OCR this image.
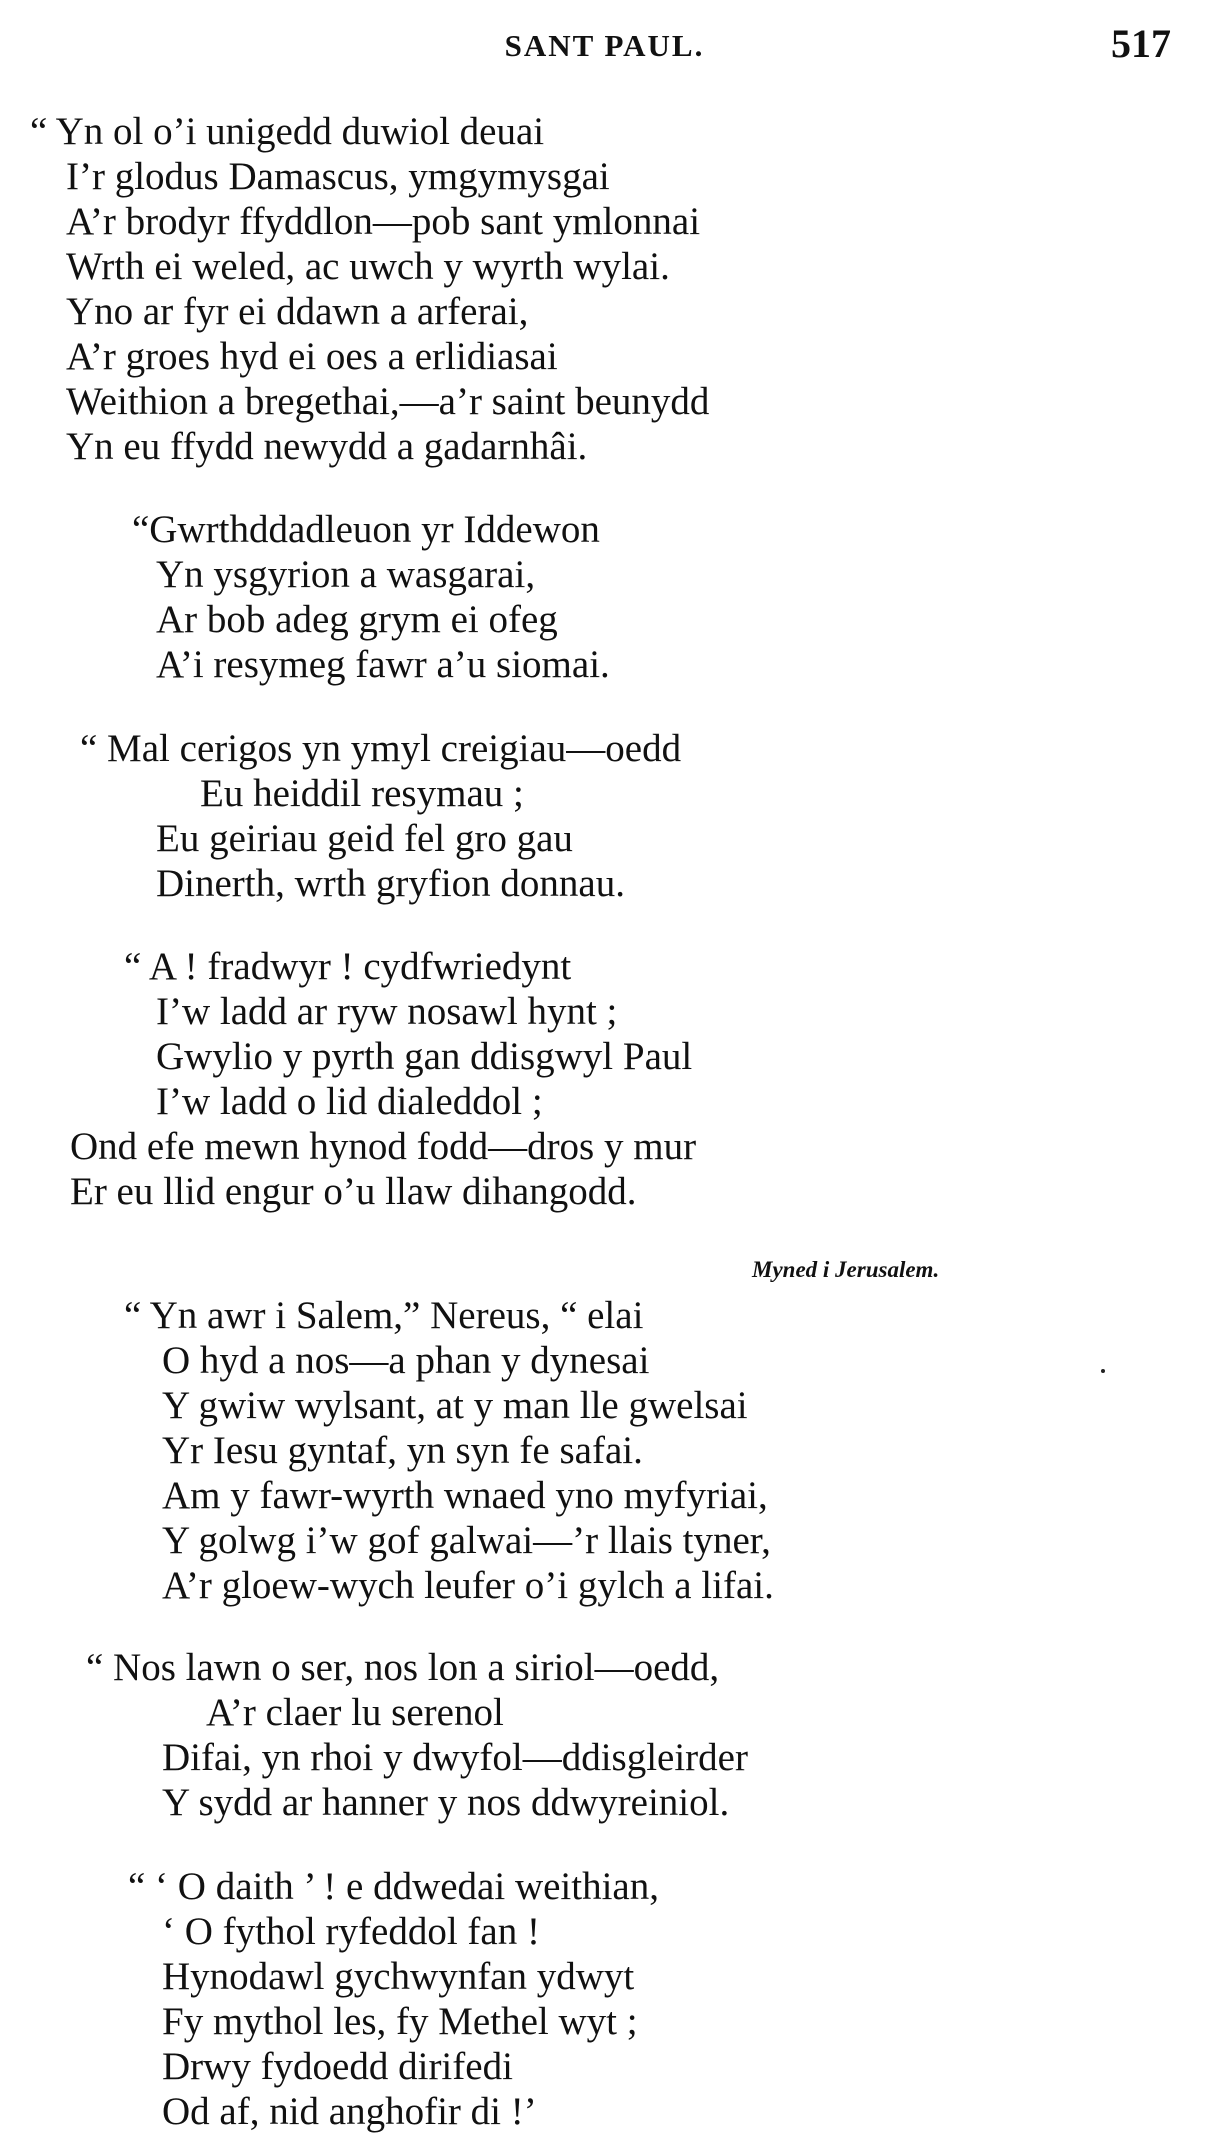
SANT PAUL.	517
“ Yn ol o’i unigedd duwiol deuai
I’r glodus Damascus, ymgymysgai
A’r brodyr ffyddlon—pob sant ymlonnai
Wrth ei weled, ac uwch y wyrth wylai.
Yno ar fyr ei ddawn a arferai,
A’r groes hyd ei oes a erlidiasai
Weithion a bregethai,—a’r saint beunydd
Yn eu ffydd newydd a gadarnhâi.
“Gwrthddadleuon yr Iddewon
Yn ysgyrion a wasgarai,
Ar bob adeg grym ei ofeg
A’i resymeg fawr a’u siomai.
“ Mal cerigos yn ymyl creigiau—oedd
Eu heiddil resymau ;
Eu geiriau geid fel gro gau
Dinerth, wrth gryfion donnau.
“ A ! fradwyr ! cydfwriedynt
I’w ladd ar ryw nosawl hynt ;
Gwylio y pyrth gan ddisgwyl Paul
I’w ladd o lid dialeddol ;
Ond efe mewn hynod fodd—dros y mur
Er eu llid engur o’u llaw dihangodd.
Myned i Jerusalem.
“ Yn awr i Salem,” Nereus, “ elai
O hyd a nos—a phan y dynesai
Y gwiw wylsant, at y man lle gwelsai
Yr Iesu gyntaf, yn syn fe safai.
Am y fawr-wyrth wnaed yno myfyriai,
Y golwg i’w gof galwai—’r llais tyner,
A’r gloew-wych leufer o’i gylch a lifai.
“ Nos lawn o ser, nos lon a siriol—oedd,
A’r claer lu serenol
Difai, yn rhoi y dwyfol—ddisgleirder
Y sydd ar hanner y nos ddwyreiniol.
“ ‘ O daith ’ ! e ddwedai weithian,
‘ O fythol ryfeddol fan !
Hynodawl gychwynfan ydwyt
Fy mythol les, fy Methel wyt ;
Drwy fydoedd dirifedi
Od af, nid anghofir di !’
